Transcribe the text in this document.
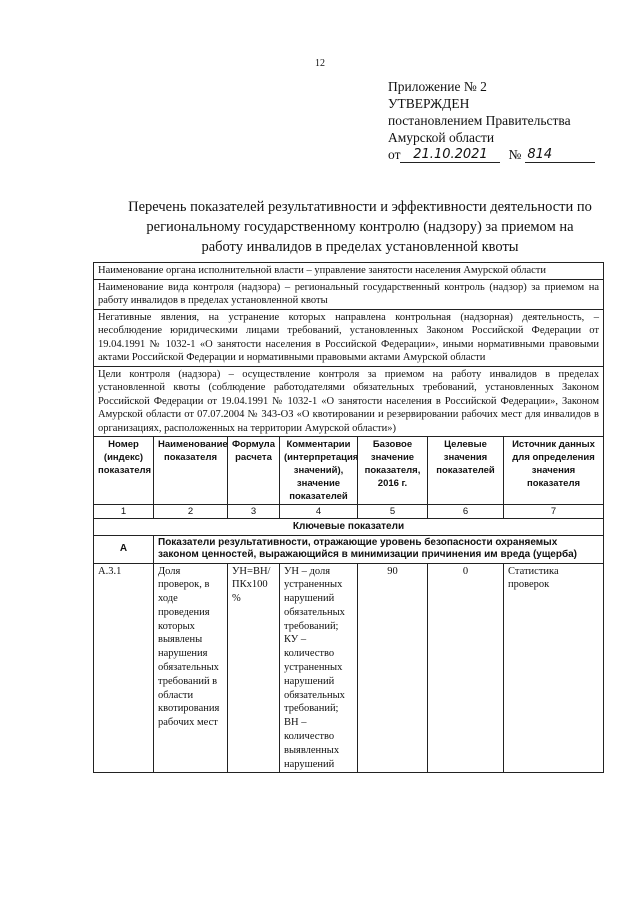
12
Приложение № 2
УТВЕРЖДЕН
постановлением Правительства
Амурской области
от 21.10.2021	№ 814
Перечень показателей результативности и эффективности деятельности по
региональному государственному контролю (надзору) за приемом на
работу инвалидов в пределах установленной квоты
Наименование органа исполнительной власти – управление занятости населения Амурской области						
Наименование вида контроля (надзора) – региональный государственный контроль (надзор) за приемом на работу инвалидов в пределах установленной квоты						
Негативные явления, на устранение которых направлена контрольная (надзорная) деятельность, – несоблюдение юридическими лицами требований, установленных Законом Российской Федерации от 19.04.1991 № 1032-1 «О занятости населения в Российской Федерации», иными нормативными правовыми актами Российской Федерации и нормативными правовыми актами Амурской области						
Цели контроля (надзора) – осуществление контроля за приемом на работу инвалидов в пределах установленной квоты (соблюдение работодателями обязательных требований, установленных Законом Российской Федерации от 19.04.1991 № 1032-1 «О занятости населения в Российской Федерации», Законом Амурской области от 07.07.2004 № 343-ОЗ «О квотировании и резервировании рабочих мест для инвалидов в организациях, расположенных на территории Амурской области»)						
Номер (индекс) показателя	Наименование показателя	Формула расчета	Комментарии (интерпретация значений), значение показателей	Базовое значение показателя, 2016 г.	Целевые значения показателей	Источник данных для определения значения показателя
1	2	3	4	5	6	7
Ключевые показатели						
А	Показатели результативности, отражающие уровень безопасности охраняемых законом ценностей, выражающийся в минимизации причинения им вреда (ущерба)					
А.3.1	Доля проверок, в ходе проведения которых выявлены нарушения обязательных требований в области квотирования рабочих мест	УН=ВН/ПКх100 %	УН – доля устраненных нарушений обязательных требований; КУ – количество устраненных нарушений обязательных требований; ВН – количество выявленных нарушений	90	0	Статистика проверок
